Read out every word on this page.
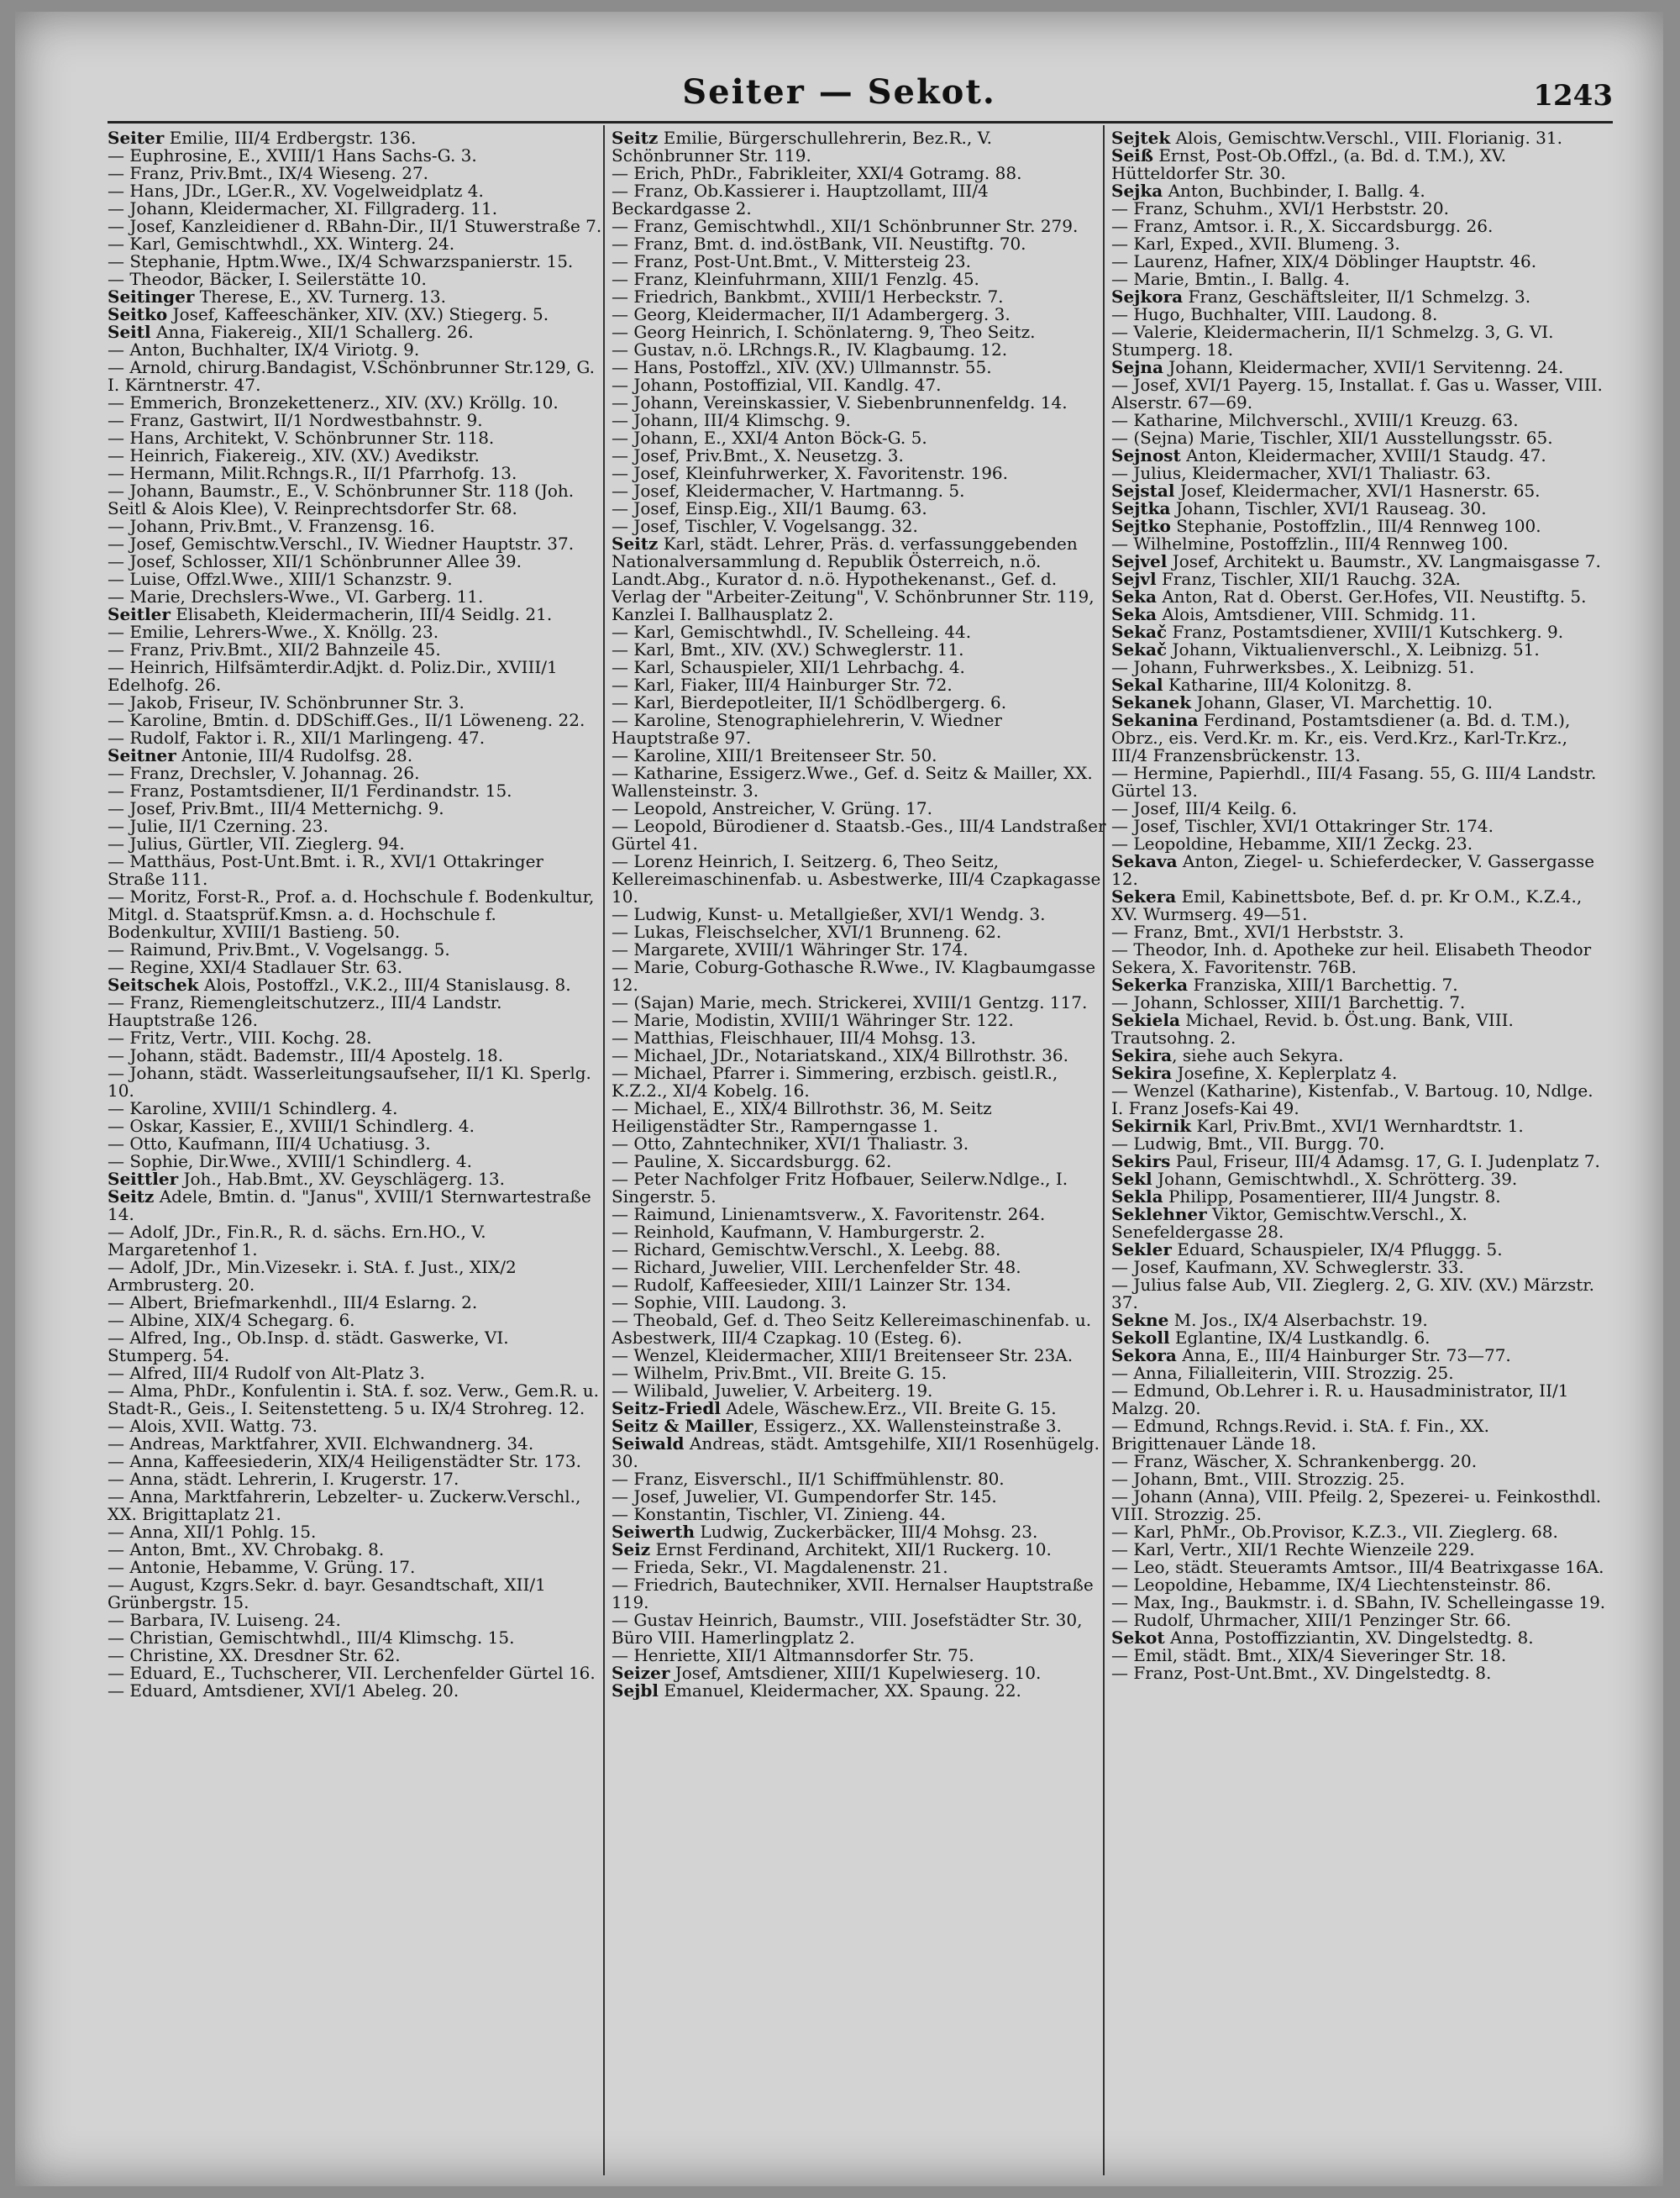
Seiter — Sekot.	1243

Seiter Emilie, III/4 Erdbergstr. 136.

— Euphrosine, E., XVIII/1 Hans Sachs-G. 3.

— Franz, Priv.Bmt., IX/4 Wieseng. 27.

— Hans, JDr., LGer.R., XV. Vogelweidplatz 4.

— Johann, Kleidermacher, XI. Fillgraderg. 11.

— Josef, Kanzleidiener d. RBahn-Dir., II/1 Stuwerstraße 7.

— Karl, Gemischtwhdl., XX. Winterg. 24.

— Stephanie, Hptm.Wwe., IX/4 Schwarzspanierstr. 15.

— Theodor, Bäcker, I. Seilerstätte 10.

Seitinger Therese, E., XV. Turnerg. 13.

Seitko Josef, Kaffeeschänker, XIV. (XV.) Stiegerg. 5.

Seitl Anna, Fiakereig., XII/1 Schallerg. 26.

— Anton, Buchhalter, IX/4 Viriotg. 9.

— Arnold, chirurg.Bandagist, V.Schönbrunner Str.129, G. I. Kärntnerstr. 47.

— Emmerich, Bronzekettenerz., XIV. (XV.) Kröllg. 10.

— Franz, Gastwirt, II/1 Nordwestbahnstr. 9.

— Hans, Architekt, V. Schönbrunner Str. 118.

— Heinrich, Fiakereig., XIV. (XV.) Avedikstr.

— Hermann, Milit.Rchngs.R., II/1 Pfarrhofg. 13.

— Johann, Baumstr., E., V. Schönbrunner Str. 118 (Joh. Seitl & Alois Klee), V. Reinprechtsdorfer Str. 68.

— Johann, Priv.Bmt., V. Franzensg. 16.

— Josef, Gemischtw.Verschl., IV. Wiedner Hauptstr. 37.

— Josef, Schlosser, XII/1 Schönbrunner Allee 39.

— Luise, Offzl.Wwe., XIII/1 Schanzstr. 9.

— Marie, Drechslers-Wwe., VI. Garberg. 11.

Seitler Elisabeth, Kleidermacherin, III/4 Seidlg. 21.

— Emilie, Lehrers-Wwe., X. Knöllg. 23.

— Franz, Priv.Bmt., XII/2 Bahnzeile 45.

— Heinrich, Hilfsämterdir.Adjkt. d. Poliz.Dir., XVIII/1 Edelhofg. 26.

— Jakob, Friseur, IV. Schönbrunner Str. 3.

— Karoline, Bmtin. d. DDSchiff.Ges., II/1 Löweneng. 22.

— Rudolf, Faktor i. R., XII/1 Marlingeng. 47.

Seitner Antonie, III/4 Rudolfsg. 28.

— Franz, Drechsler, V. Johannag. 26.

— Franz, Postamtsdiener, II/1 Ferdinandstr. 15.

— Josef, Priv.Bmt., III/4 Metternichg. 9.

— Julie, II/1 Czerning. 23.

— Julius, Gürtler, VII. Zieglerg. 94.

— Matthäus, Post-Unt.Bmt. i. R., XVI/1 Ottakringer Straße 111.

— Moritz, Forst-R., Prof. a. d. Hochschule f. Bodenkultur, Mitgl. d. Staatsprüf.Kmsn. a. d. Hochschule f. Bodenkultur, XVIII/1 Bastieng. 50.

— Raimund, Priv.Bmt., V. Vogelsangg. 5.

— Regine, XXI/4 Stadlauer Str. 63.

Seitschek Alois, Postoffzl., V.K.2., III/4 Stanislausg. 8.

— Franz, Riemengleitschutzerz., III/4 Landstr. Hauptstraße 126.

— Fritz, Vertr., VIII. Kochg. 28.

— Johann, städt. Bademstr., III/4 Apostelg. 18.

— Johann, städt. Wasserleitungsaufseher, II/1 Kl. Sperlg. 10.

— Karoline, XVIII/1 Schindlerg. 4.

— Oskar, Kassier, E., XVIII/1 Schindlerg. 4.

— Otto, Kaufmann, III/4 Uchatiusg. 3.

— Sophie, Dir.Wwe., XVIII/1 Schindlerg. 4.

Seittler Joh., Hab.Bmt., XV. Geyschlägerg. 13.

Seitz Adele, Bmtin. d. "Janus", XVIII/1 Sternwartestraße 14.

— Adolf, JDr., Fin.R., R. d. sächs. Ern.HO., V. Margaretenhof 1.

— Adolf, JDr., Min.Vizesekr. i. StA. f. Just., XIX/2 Armbrusterg. 20.

— Albert, Briefmarkenhdl., III/4 Eslarng. 2.

— Albine, XIX/4 Schegarg. 6.

— Alfred, Ing., Ob.Insp. d. städt. Gaswerke, VI. Stumperg. 54.

— Alfred, III/4 Rudolf von Alt-Platz 3.

— Alma, PhDr., Konfulentin i. StA. f. soz. Verw., Gem.R. u. Stadt-R., Geis., I. Seitenstetteng. 5 u. IX/4 Strohreg. 12.

— Alois, XVII. Wattg. 73.

— Andreas, Marktfahrer, XVII. Elchwandnerg. 34.

— Anna, Kaffeesiederin, XIX/4 Heiligenstädter Str. 173.

— Anna, städt. Lehrerin, I. Krugerstr. 17.

— Anna, Marktfahrerin, Lebzelter- u. Zuckerw.Verschl., XX. Brigittaplatz 21.

— Anna, XII/1 Pohlg. 15.

— Anton, Bmt., XV. Chrobakg. 8.

— Antonie, Hebamme, V. Grüng. 17.

— August, Kzgrs.Sekr. d. bayr. Gesandtschaft, XII/1 Grünbergstr. 15.

— Barbara, IV. Luiseng. 24.

— Christian, Gemischtwhdl., III/4 Klimschg. 15.

— Christine, XX. Dresdner Str. 62.

— Eduard, E., Tuchscherer, VII. Lerchenfelder Gürtel 16.

— Eduard, Amtsdiener, XVI/1 Abeleg. 20.

Seitz Emilie, Bürgerschullehrerin, Bez.R., V. Schönbrunner Str. 119.

— Erich, PhDr., Fabrikleiter, XXI/4 Gotramg. 88.

— Franz, Ob.Kassierer i. Hauptzollamt, III/4 Beckardgasse 2.

— Franz, Gemischtwhdl., XII/1 Schönbrunner Str. 279.

— Franz, Bmt. d. ind.östBank, VII. Neustiftg. 70.

— Franz, Post-Unt.Bmt., V. Mittersteig 23.

— Franz, Kleinfuhrmann, XIII/1 Fenzlg. 45.

— Friedrich, Bankbmt., XVIII/1 Herbeckstr. 7.

— Georg, Kleidermacher, II/1 Adambergerg. 3.

— Georg Heinrich, I. Schönlaterng. 9, Theo Seitz.

— Gustav, n.ö. LRchngs.R., IV. Klagbaumg. 12.

— Hans, Postoffzl., XIV. (XV.) Ullmannstr. 55.

— Johann, Postoffizial, VII. Kandlg. 47.

— Johann, Vereinskassier, V. Siebenbrunnenfeldg. 14.

— Johann, III/4 Klimschg. 9.

— Johann, E., XXI/4 Anton Böck-G. 5.

— Josef, Priv.Bmt., X. Neusetzg. 3.

— Josef, Kleinfuhrwerker, X. Favoritenstr. 196.

— Josef, Kleidermacher, V. Hartmanng. 5.

— Josef, Einsp.Eig., XII/1 Baumg. 63.

— Josef, Tischler, V. Vogelsangg. 32.

Seitz Karl, städt. Lehrer, Präs. d. verfassunggebenden Nationalversammlung d. Republik Österreich, n.ö. Landt.Abg., Kurator d. n.ö. Hypothekenanst., Gef. d. Verlag der "Arbeiter-Zeitung", V. Schönbrunner Str. 119, Kanzlei I. Ballhausplatz 2.

— Karl, Gemischtwhdl., IV. Schelleing. 44.

— Karl, Bmt., XIV. (XV.) Schweglerstr. 11.

— Karl, Schauspieler, XII/1 Lehrbachg. 4.

— Karl, Fiaker, III/4 Hainburger Str. 72.

— Karl, Bierdepotleiter, II/1 Schödlbergerg. 6.

— Karoline, Stenographielehrerin, V. Wiedner Hauptstraße 97.

— Karoline, XIII/1 Breitenseer Str. 50.

— Katharine, Essigerz.Wwe., Gef. d. Seitz & Mailler, XX. Wallensteinstr. 3.

— Leopold, Anstreicher, V. Grüng. 17.

— Leopold, Bürodiener d. Staatsb.-Ges., III/4 Landstraßer Gürtel 41.

— Lorenz Heinrich, I. Seitzerg. 6, Theo Seitz, Kellereimaschinenfab. u. Asbestwerke, III/4 Czapkagasse 10.

— Ludwig, Kunst- u. Metallgießer, XVI/1 Wendg. 3.

— Lukas, Fleischselcher, XVI/1 Brunneng. 62.

— Margarete, XVIII/1 Währinger Str. 174.

— Marie, Coburg-Gothasche R.Wwe., IV. Klagbaumgasse 12.

— (Sajan) Marie, mech. Strickerei, XVIII/1 Gentzg. 117.

— Marie, Modistin, XVIII/1 Währinger Str. 122.

— Matthias, Fleischhauer, III/4 Mohsg. 13.

— Michael, JDr., Notariatskand., XIX/4 Billrothstr. 36.

— Michael, Pfarrer i. Simmering, erzbisch. geistl.R., K.Z.2., XI/4 Kobelg. 16.

— Michael, E., XIX/4 Billrothstr. 36, M. Seitz Heiligenstädter Str., Ramperngasse 1.

— Otto, Zahntechniker, XVI/1 Thaliastr. 3.

— Pauline, X. Siccardsburgg. 62.

— Peter Nachfolger Fritz Hofbauer, Seilerw.Ndlge., I. Singerstr. 5.

— Raimund, Linienamtsverw., X. Favoritenstr. 264.

— Reinhold, Kaufmann, V. Hamburgerstr. 2.

— Richard, Gemischtw.Verschl., X. Leebg. 88.

— Richard, Juwelier, VIII. Lerchenfelder Str. 48.

— Rudolf, Kaffeesieder, XIII/1 Lainzer Str. 134.

— Sophie, VIII. Laudong. 3.

— Theobald, Gef. d. Theo Seitz Kellereimaschinenfab. u. Asbestwerk, III/4 Czapkag. 10 (Esteg. 6).

— Wenzel, Kleidermacher, XIII/1 Breitenseer Str. 23A.

— Wilhelm, Priv.Bmt., VII. Breite G. 15.

— Wilibald, Juwelier, V. Arbeiterg. 19.

Seitz-Friedl Adele, Wäschew.Erz., VII. Breite G. 15.

Seitz & Mailler, Essigerz., XX. Wallensteinstraße 3.

Seiwald Andreas, städt. Amtsgehilfe, XII/1 Rosenhügelg. 30.

— Franz, Eisverschl., II/1 Schiffmühlenstr. 80.

— Josef, Juwelier, VI. Gumpendorfer Str. 145.

— Konstantin, Tischler, VI. Zinieng. 44.

Seiwerth Ludwig, Zuckerbäcker, III/4 Mohsg. 23.

Seiz Ernst Ferdinand, Architekt, XII/1 Ruckerg. 10.

— Frieda, Sekr., VI. Magdalenenstr. 21.

— Friedrich, Bautechniker, XVII. Hernalser Hauptstraße 119.

— Gustav Heinrich, Baumstr., VIII. Josefstädter Str. 30, Büro VIII. Hamerlingplatz 2.

— Henriette, XII/1 Altmannsdorfer Str. 75.

Seizer Josef, Amtsdiener, XIII/1 Kupelwieserg. 10.

Sejbl Emanuel, Kleidermacher, XX. Spaung. 22.

Sejtek Alois, Gemischtw.Verschl., VIII. Florianig. 31.

Seiß Ernst, Post-Ob.Offzl., (a. Bd. d. T.M.), XV. Hütteldorfer Str. 30.

Sejka Anton, Buchbinder, I. Ballg. 4.

— Franz, Schuhm., XVI/1 Herbststr. 20.

— Franz, Amtsor. i. R., X. Siccardsburgg. 26.

— Karl, Exped., XVII. Blumeng. 3.

— Laurenz, Hafner, XIX/4 Döblinger Hauptstr. 46.

— Marie, Bmtin., I. Ballg. 4.

Sejkora Franz, Geschäftsleiter, II/1 Schmelzg. 3.

— Hugo, Buchhalter, VIII. Laudong. 8.

— Valerie, Kleidermacherin, II/1 Schmelzg. 3, G. VI. Stumperg. 18.

Sejna Johann, Kleidermacher, XVII/1 Servitenng. 24.

— Josef, XVI/1 Payerg. 15, Installat. f. Gas u. Wasser, VIII. Alserstr. 67—69.

— Katharine, Milchverschl., XVIII/1 Kreuzg. 63.

— (Sejna) Marie, Tischler, XII/1 Ausstellungsstr. 65.

Sejnost Anton, Kleidermacher, XVIII/1 Staudg. 47.

— Julius, Kleidermacher, XVI/1 Thaliastr. 63.

Sejstal Josef, Kleidermacher, XVI/1 Hasnerstr. 65.

Sejtka Johann, Tischler, XVI/1 Rauseag. 30.

Sejtko Stephanie, Postoffzlin., III/4 Rennweg 100.

— Wilhelmine, Postoffzlin., III/4 Rennweg 100.

Sejvel Josef, Architekt u. Baumstr., XV. Langmaisgasse 7.

Sejvl Franz, Tischler, XII/1 Rauchg. 32A.

Seka Anton, Rat d. Oberst. Ger.Hofes, VII. Neustiftg. 5.

Seka Alois, Amtsdiener, VIII. Schmidg. 11.

Sekač Franz, Postamtsdiener, XVIII/1 Kutschkerg. 9.

Sekač Johann, Viktualienverschl., X. Leibnizg. 51.

— Johann, Fuhrwerksbes., X. Leibnizg. 51.

Sekal Katharine, III/4 Kolonitzg. 8.

Sekanek Johann, Glaser, VI. Marchettig. 10.

Sekanina Ferdinand, Postamtsdiener (a. Bd. d. T.M.), Obrz., eis. Verd.Kr. m. Kr., eis. Verd.Krz., Karl-Tr.Krz., III/4 Franzensbrückenstr. 13.

— Hermine, Papierhdl., III/4 Fasang. 55, G. III/4 Landstr. Gürtel 13.

— Josef, III/4 Keilg. 6.

— Josef, Tischler, XVI/1 Ottakringer Str. 174.

— Leopoldine, Hebamme, XII/1 Zeckg. 23.

Sekava Anton, Ziegel- u. Schieferdecker, V. Gassergasse 12.

Sekera Emil, Kabinettsbote, Bef. d. pr. Kr O.M., K.Z.4., XV. Wurmserg. 49—51.

— Franz, Bmt., XVI/1 Herbststr. 3.

— Theodor, Inh. d. Apotheke zur heil. Elisabeth Theodor Sekera, X. Favoritenstr. 76B.

Sekerka Franziska, XIII/1 Barchettig. 7.

— Johann, Schlosser, XIII/1 Barchettig. 7.

Sekiela Michael, Revid. b. Öst.ung. Bank, VIII. Trautsohng. 2.

Sekira, siehe auch Sekyra.

Sekira Josefine, X. Keplerplatz 4.

— Wenzel (Katharine), Kistenfab., V. Bartoug. 10, Ndlge. I. Franz Josefs-Kai 49.

Sekirnik Karl, Priv.Bmt., XVI/1 Wernhardtstr. 1.

— Ludwig, Bmt., VII. Burgg. 70.

Sekirs Paul, Friseur, III/4 Adamsg. 17, G. I. Judenplatz 7.

Sekl Johann, Gemischtwhdl., X. Schrötterg. 39.

Sekla Philipp, Posamentierer, III/4 Jungstr. 8.

Seklehner Viktor, Gemischtw.Verschl., X. Senefeldergasse 28.

Sekler Eduard, Schauspieler, IX/4 Pfluggg. 5.

— Josef, Kaufmann, XV. Schweglerstr. 33.

— Julius false Aub, VII. Zieglerg. 2, G. XIV. (XV.) Märzstr. 37.

Sekne M. Jos., IX/4 Alserbachstr. 19.

Sekoll Eglantine, IX/4 Lustkandlg. 6.

Sekora Anna, E., III/4 Hainburger Str. 73—77.

— Anna, Filialleiterin, VIII. Strozzig. 25.

— Edmund, Ob.Lehrer i. R. u. Hausadministrator, II/1 Malzg. 20.

— Edmund, Rchngs.Revid. i. StA. f. Fin., XX. Brigittenauer Lände 18.

— Franz, Wäscher, X. Schrankenbergg. 20.

— Johann, Bmt., VIII. Strozzig. 25.

— Johann (Anna), VIII. Pfeilg. 2, Spezerei- u. Feinkosthdl. VIII. Strozzig. 25.

— Karl, PhMr., Ob.Provisor, K.Z.3., VII. Zieglerg. 68.

— Karl, Vertr., XII/1 Rechte Wienzeile 229.

— Leo, städt. Steueramts Amtsor., III/4 Beatrixgasse 16A.

— Leopoldine, Hebamme, IX/4 Liechtensteinstr. 86.

— Max, Ing., Baukmstr. i. d. SBahn, IV. Schelleingasse 19.

— Rudolf, Uhrmacher, XIII/1 Penzinger Str. 66.

Sekot Anna, Postoffizziantin, XV. Dingelstedtg. 8.

— Emil, städt. Bmt., XIX/4 Sieveringer Str. 18.

— Franz, Post-Unt.Bmt., XV. Dingelstedtg. 8.
